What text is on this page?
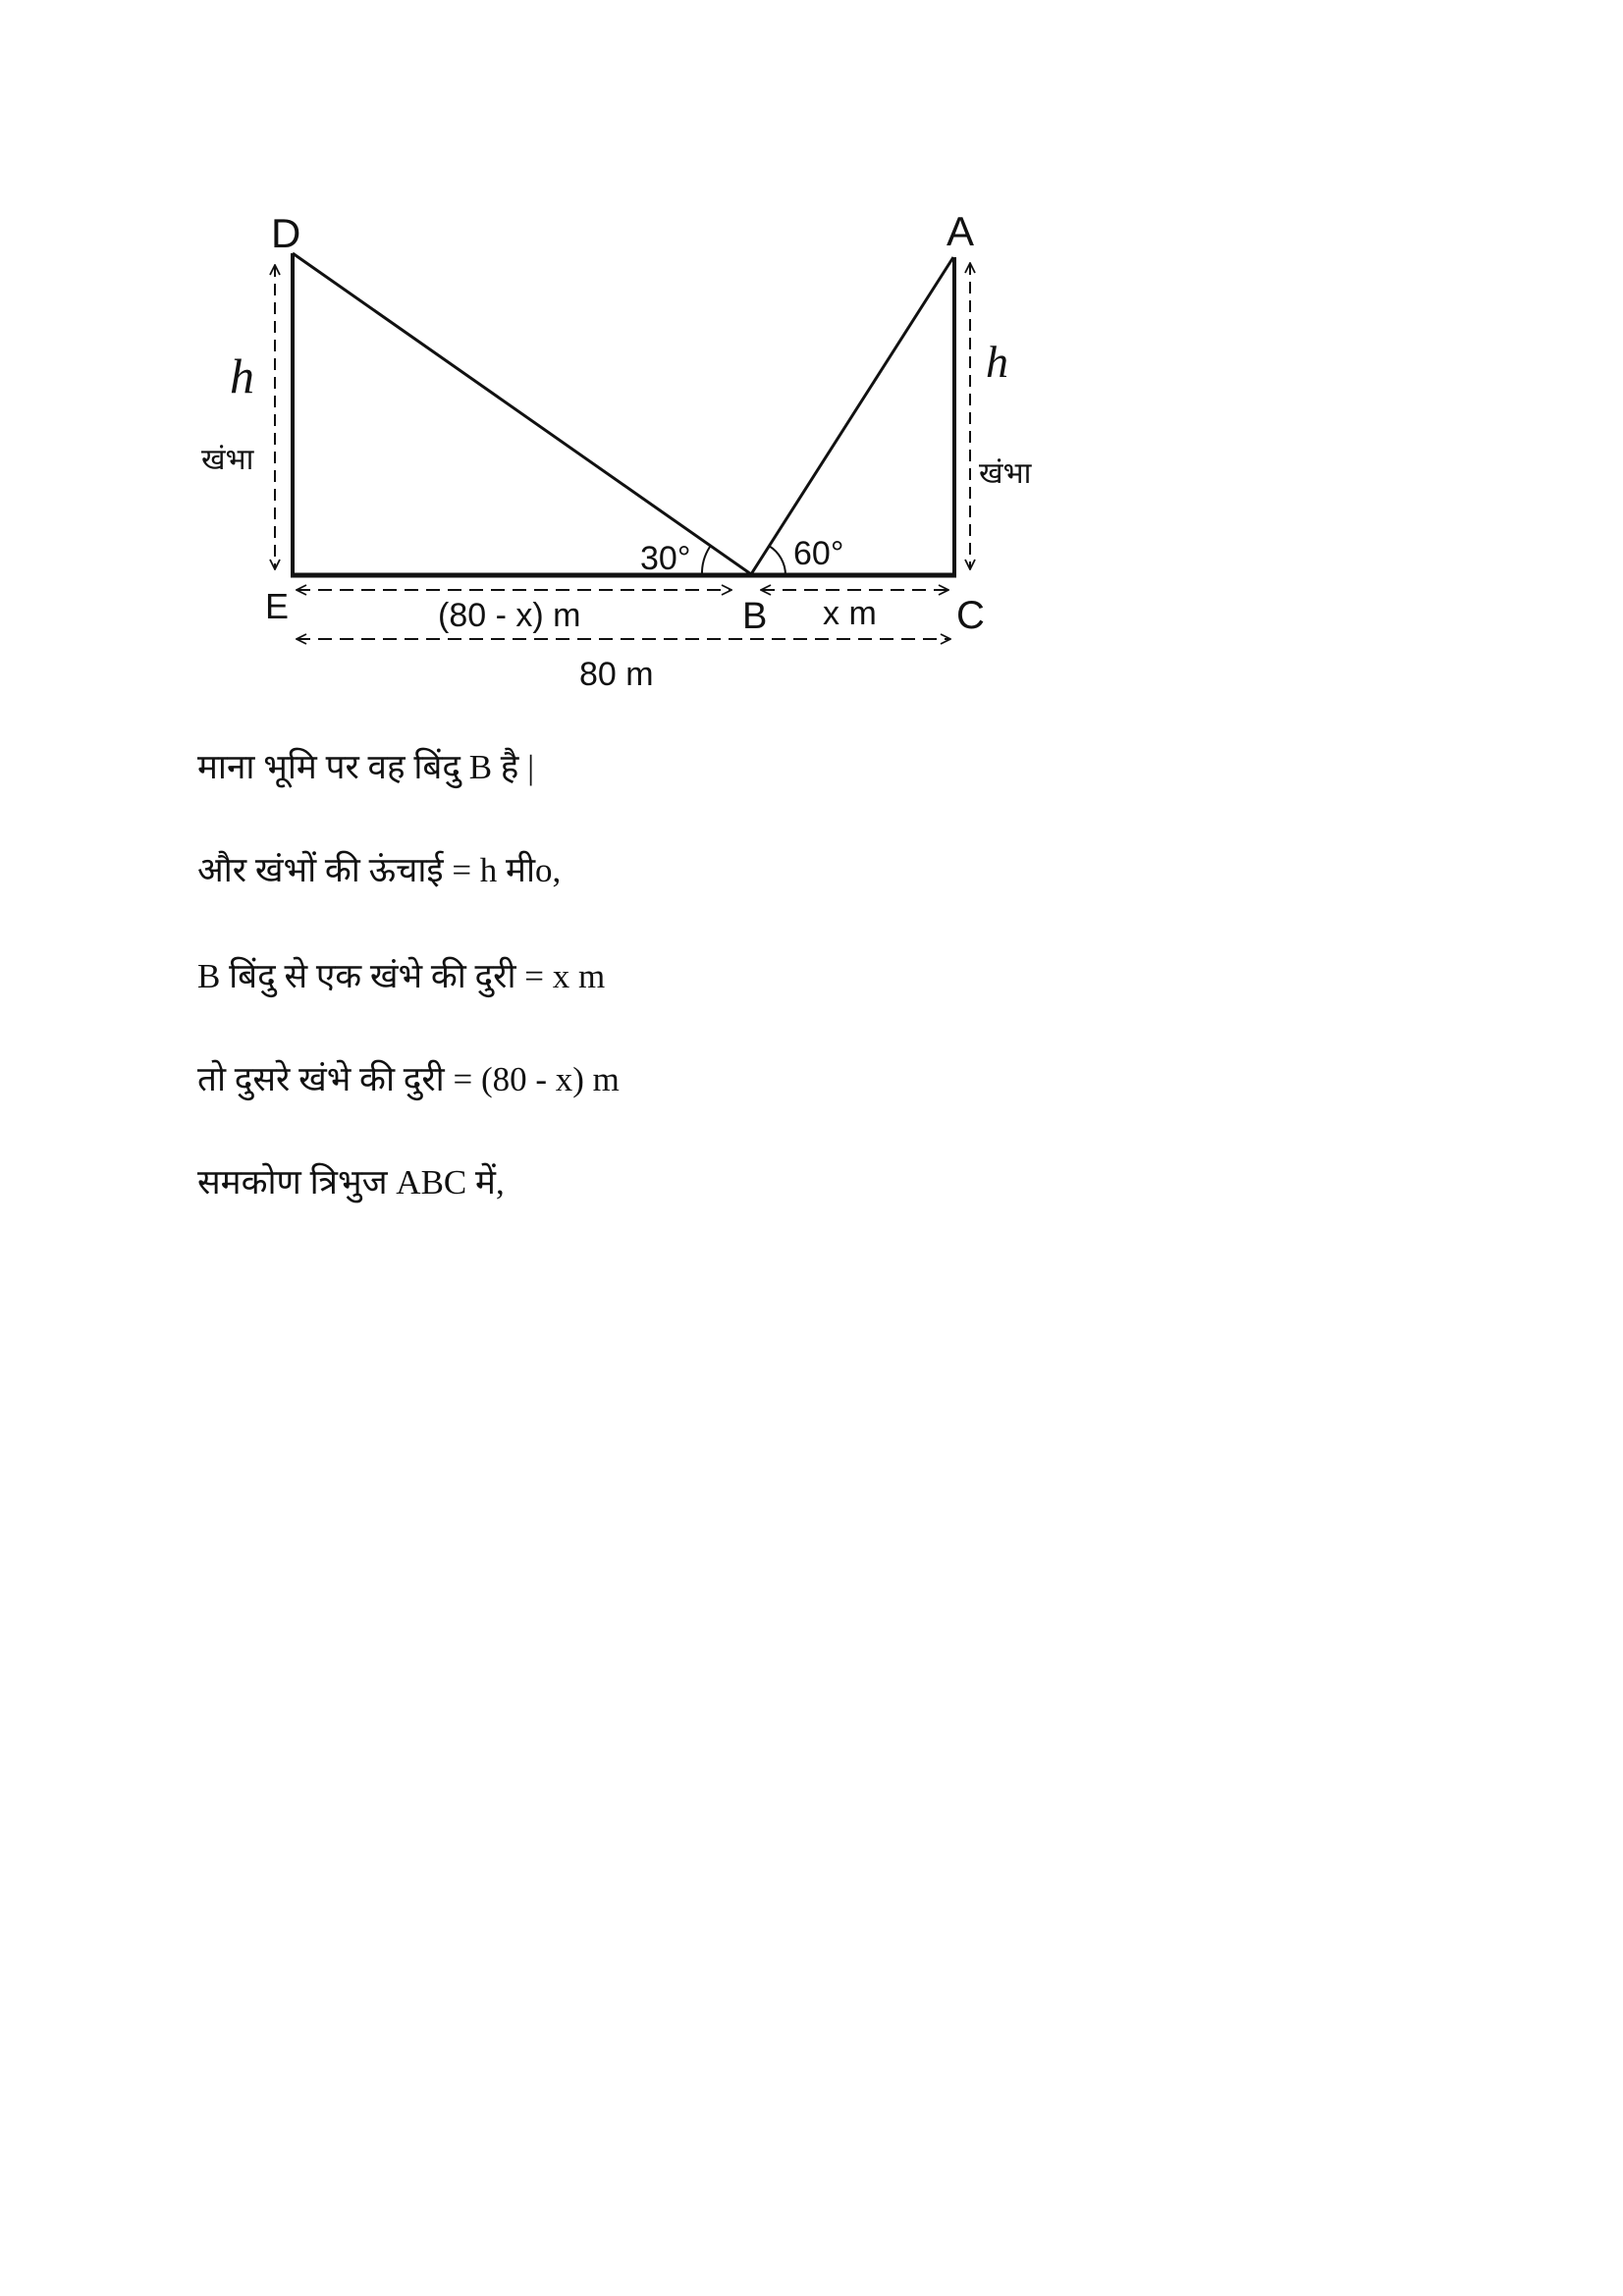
D	A
E	B	C
h	h
खंभा	खंभा
30°	60°
(80 - x) m	x m
80 m
माना भूमि पर वह बिंदु B है |
और खंभों की ऊंचाई = h मीo,
B बिंदु से एक खंभे की दुरी = x m
तो दुसरे खंभे की दुरी = (80 - x) m
समकोण त्रिभुज ABC में,
